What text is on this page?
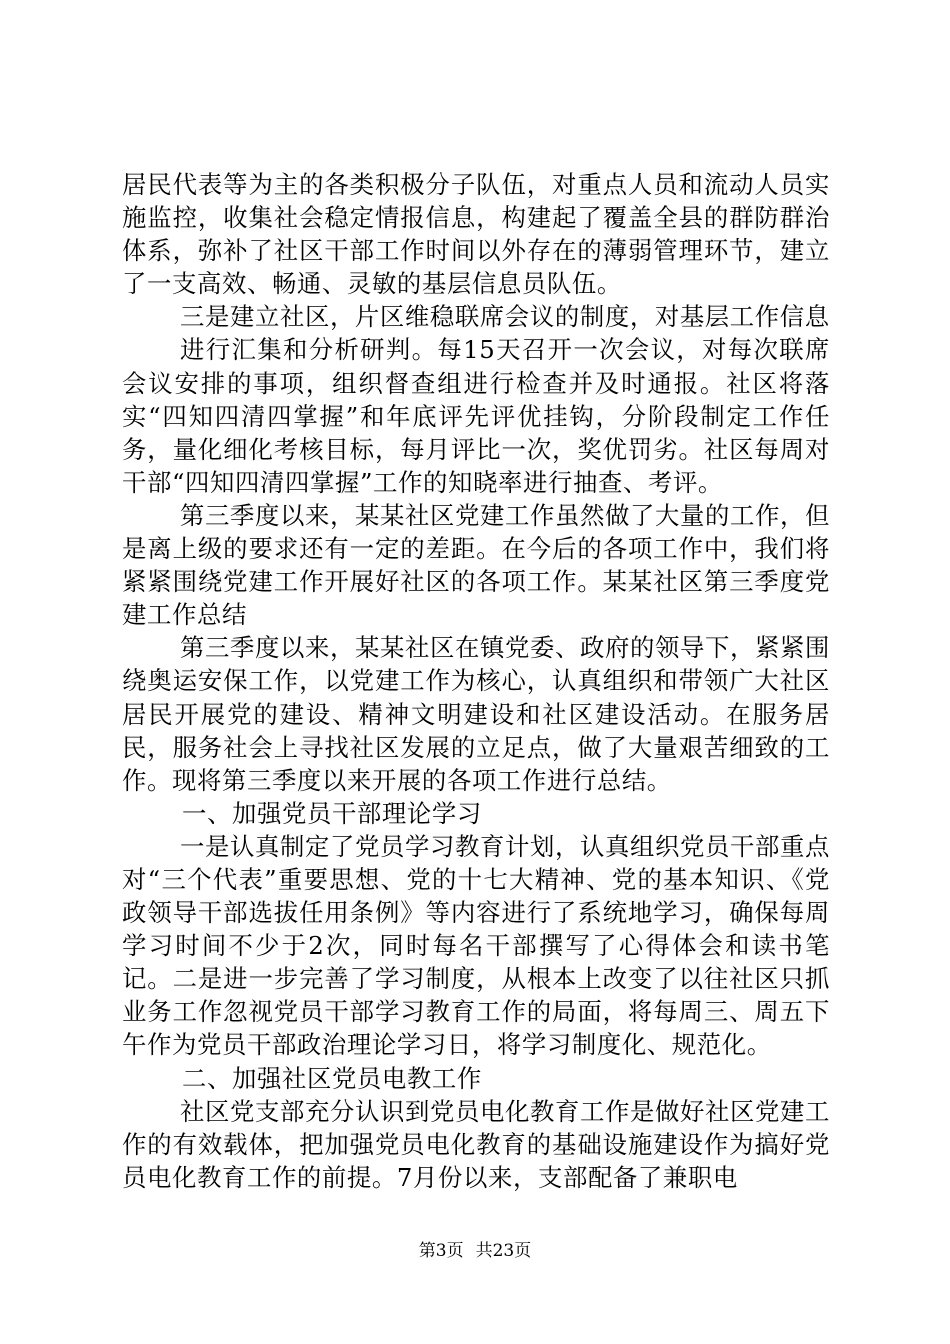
居民代表等为主的各类积极分子队伍，对重点人员和流动人员实施监控，收集社会稳定情报信息，构建起了覆盖全县的群防群治体系，弥补了社区干部工作时间以外存在的薄弱管理环节，建立了一支高效、畅通、灵敏的基层信息员队伍。

三是建立社区，片区维稳联席会议的制度，对基层工作信息

进行汇集和分析研判。每15天召开一次会议，对每次联席会议安排的事项，组织督查组进行检查并及时通报。社区将落实“四知四清四掌握”和年底评先评优挂钩，分阶段制定工作任务，量化细化考核目标，每月评比一次，奖优罚劣。社区每周对干部“四知四清四掌握”工作的知晓率进行抽查、考评。

第三季度以来，某某社区党建工作虽然做了大量的工作，但是离上级的要求还有一定的差距。在今后的各项工作中，我们将紧紧围绕党建工作开展好社区的各项工作。某某社区第三季度党建工作总结

第三季度以来，某某社区在镇党委、政府的领导下，紧紧围绕奥运安保工作，以党建工作为核心，认真组织和带领广大社区居民开展党的建设、精神文明建设和社区建设活动。在服务居民，服务社会上寻找社区发展的立足点，做了大量艰苦细致的工作。现将第三季度以来开展的各项工作进行总结。

一、加强党员干部理论学习

一是认真制定了党员学习教育计划，认真组织党员干部重点对“三个代表”重要思想、党的十七大精神、党的基本知识、《党政领导干部选拔任用条例》等内容进行了系统地学习，确保每周学习时间不少于2次，同时每名干部撰写了心得体会和读书笔记。二是进一步完善了学习制度，从根本上改变了以往社区只抓业务工作忽视党员干部学习教育工作的局面，将每周三、周五下午作为党员干部政治理论学习日，将学习制度化、规范化。

二、加强社区党员电教工作

社区党支部充分认识到党员电化教育工作是做好社区党建工作的有效载体，把加强党员电化教育的基础设施建设作为搞好党员电化教育工作的前提。7月份以来，支部配备了兼职电

第3页 共23页
